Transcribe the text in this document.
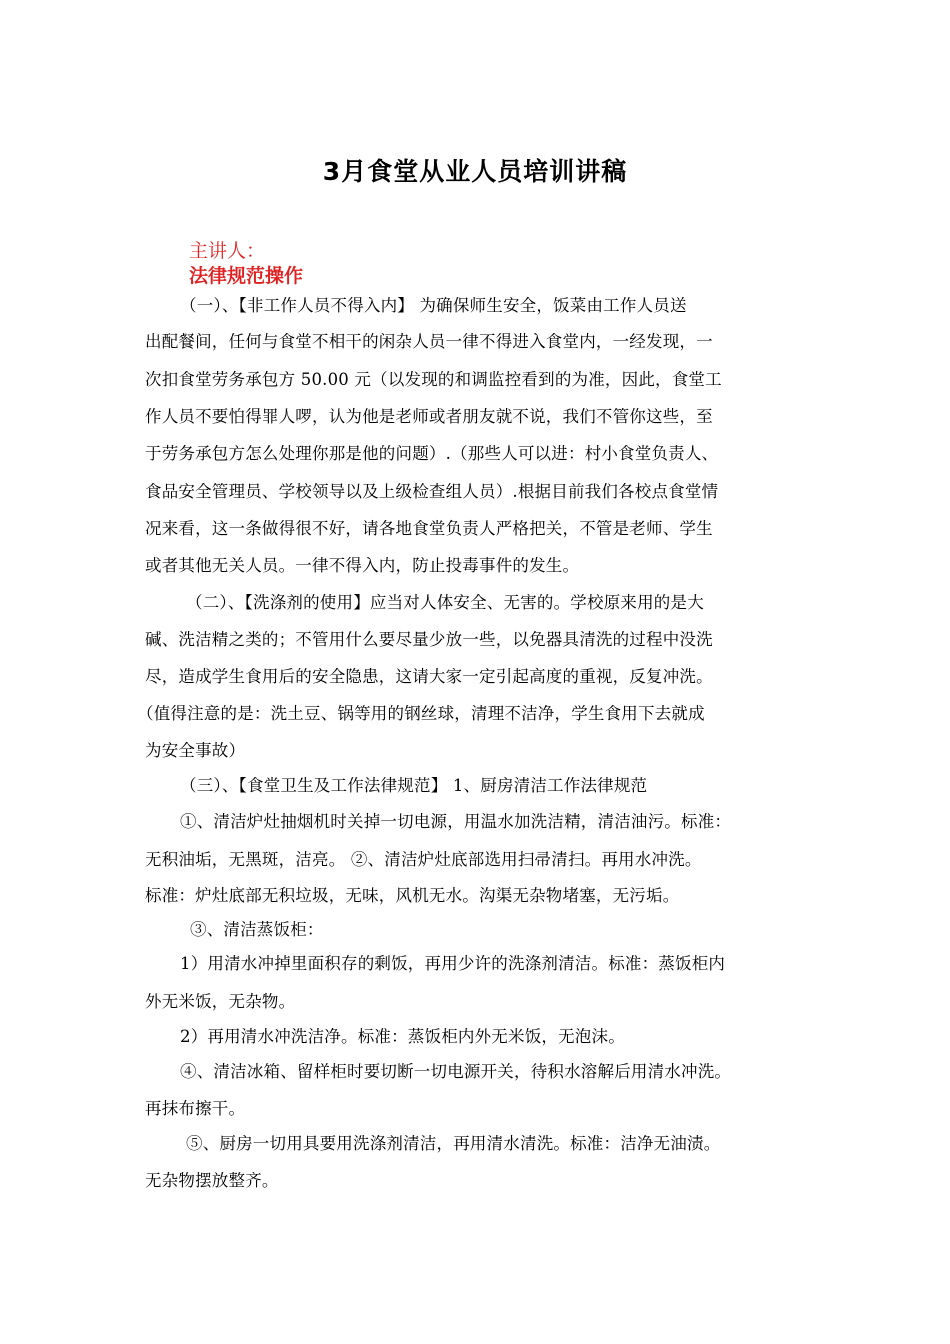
3月食堂从业人员培训讲稿
主讲人：
法律规范操作
（一）、【非工作人员不得入内】 为确保师生安全，饭菜由工作人员送
出配餐间，任何与食堂不相干的闲杂人员一律不得进入食堂内，一经发现，一
次扣食堂劳务承包方 50.00 元（以发现的和调监控看到的为准，因此，食堂工
作人员不要怕得罪人啰，认为他是老师或者朋友就不说，我们不管你这些，至
于劳务承包方怎么处理你那是他的问题）.（那些人可以进：村小食堂负责人、
食品安全管理员、学校领导以及上级检查组人员）.根据目前我们各校点食堂情
况来看，这一条做得很不好，请各地食堂负责人严格把关，不管是老师、学生
或者其他无关人员。一律不得入内，防止投毒事件的发生。
（二）、【洗涤剂的使用】应当对人体安全、无害的。学校原来用的是大
碱、洗洁精之类的；不管用什么要尽量少放一些，以免器具清洗的过程中没洗
尽，造成学生食用后的安全隐患，这请大家一定引起高度的重视，反复冲洗。
（值得注意的是：洗土豆、锅等用的钢丝球，清理不洁净，学生食用下去就成
为安全事故）
（三）、【食堂卫生及工作法律规范】 1、厨房清洁工作法律规范
①、清洁炉灶抽烟机时关掉一切电源，用温水加洗洁精，清洁油污。标准：
无积油垢，无黑斑，洁亮。 ②、清洁炉灶底部选用扫帚清扫。再用水冲洗。
标准：炉灶底部无积垃圾，无味，风机无水。沟渠无杂物堵塞，无污垢。
③、清洁蒸饭柜：
1）用清水冲掉里面积存的剩饭，再用少许的洗涤剂清洁。标准：蒸饭柜内
外无米饭，无杂物。
2）再用清水冲洗洁净。标准：蒸饭柜内外无米饭，无泡沫。
④、清洁冰箱、留样柜时要切断一切电源开关，待积水溶解后用清水冲洗。
再抹布擦干。
⑤、厨房一切用具要用洗涤剂清洁，再用清水清洗。标准：洁净无油渍。
无杂物摆放整齐。
